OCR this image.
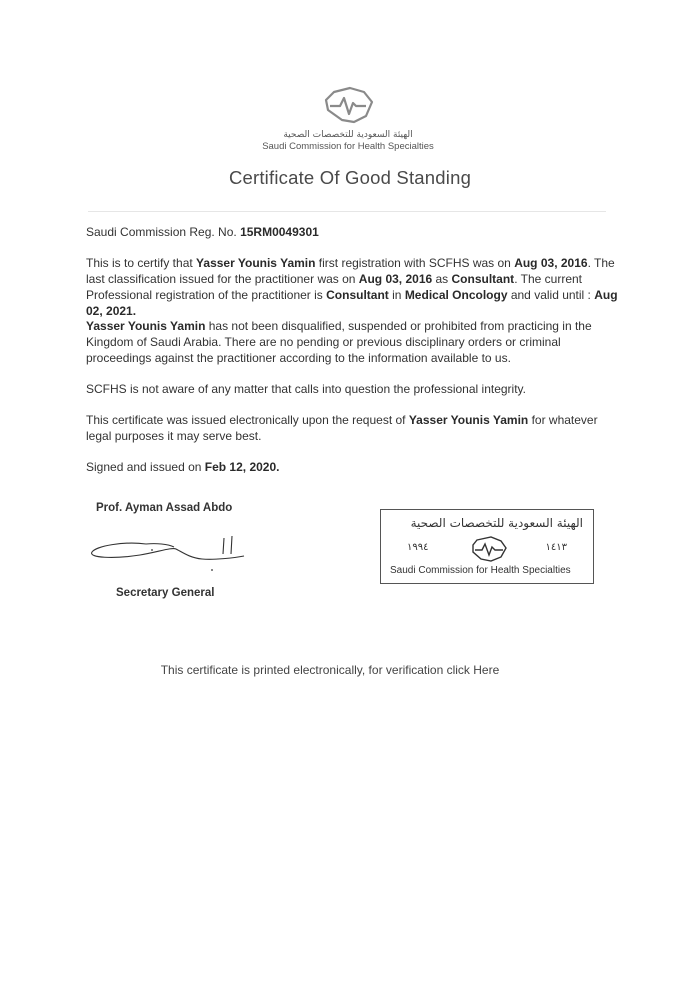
الهيئة السعودية للتخصصات الصحية
Saudi Commission for Health Specialties
Certificate Of Good Standing
Saudi Commission Reg. No. 15RM0049301
This is to certify that Yasser Younis Yamin first registration with SCFHS was on Aug 03, 2016. The last classification issued for the practitioner was on Aug 03, 2016 as Consultant. The current Professional registration of the practitioner is Consultant in Medical Oncology and valid until : Aug 02, 2021.
Yasser Younis Yamin has not been disqualified, suspended or prohibited from practicing in the Kingdom of Saudi Arabia. There are no pending or previous disciplinary orders or criminal proceedings against the practitioner according to the information available to us.
SCFHS is not aware of any matter that calls into question the professional integrity.
This certificate was issued electronically upon the request of Yasser Younis Yamin for whatever legal purposes it may serve best.
Signed and issued on Feb 12, 2020.
Prof. Ayman Assad Abdo
Secretary General
الهيئة السعودية للتخصصات الصحية
١٩٩٤	١٤١٣
Saudi Commission for Health Specialties
This certificate is printed electronically, for verification click Here
